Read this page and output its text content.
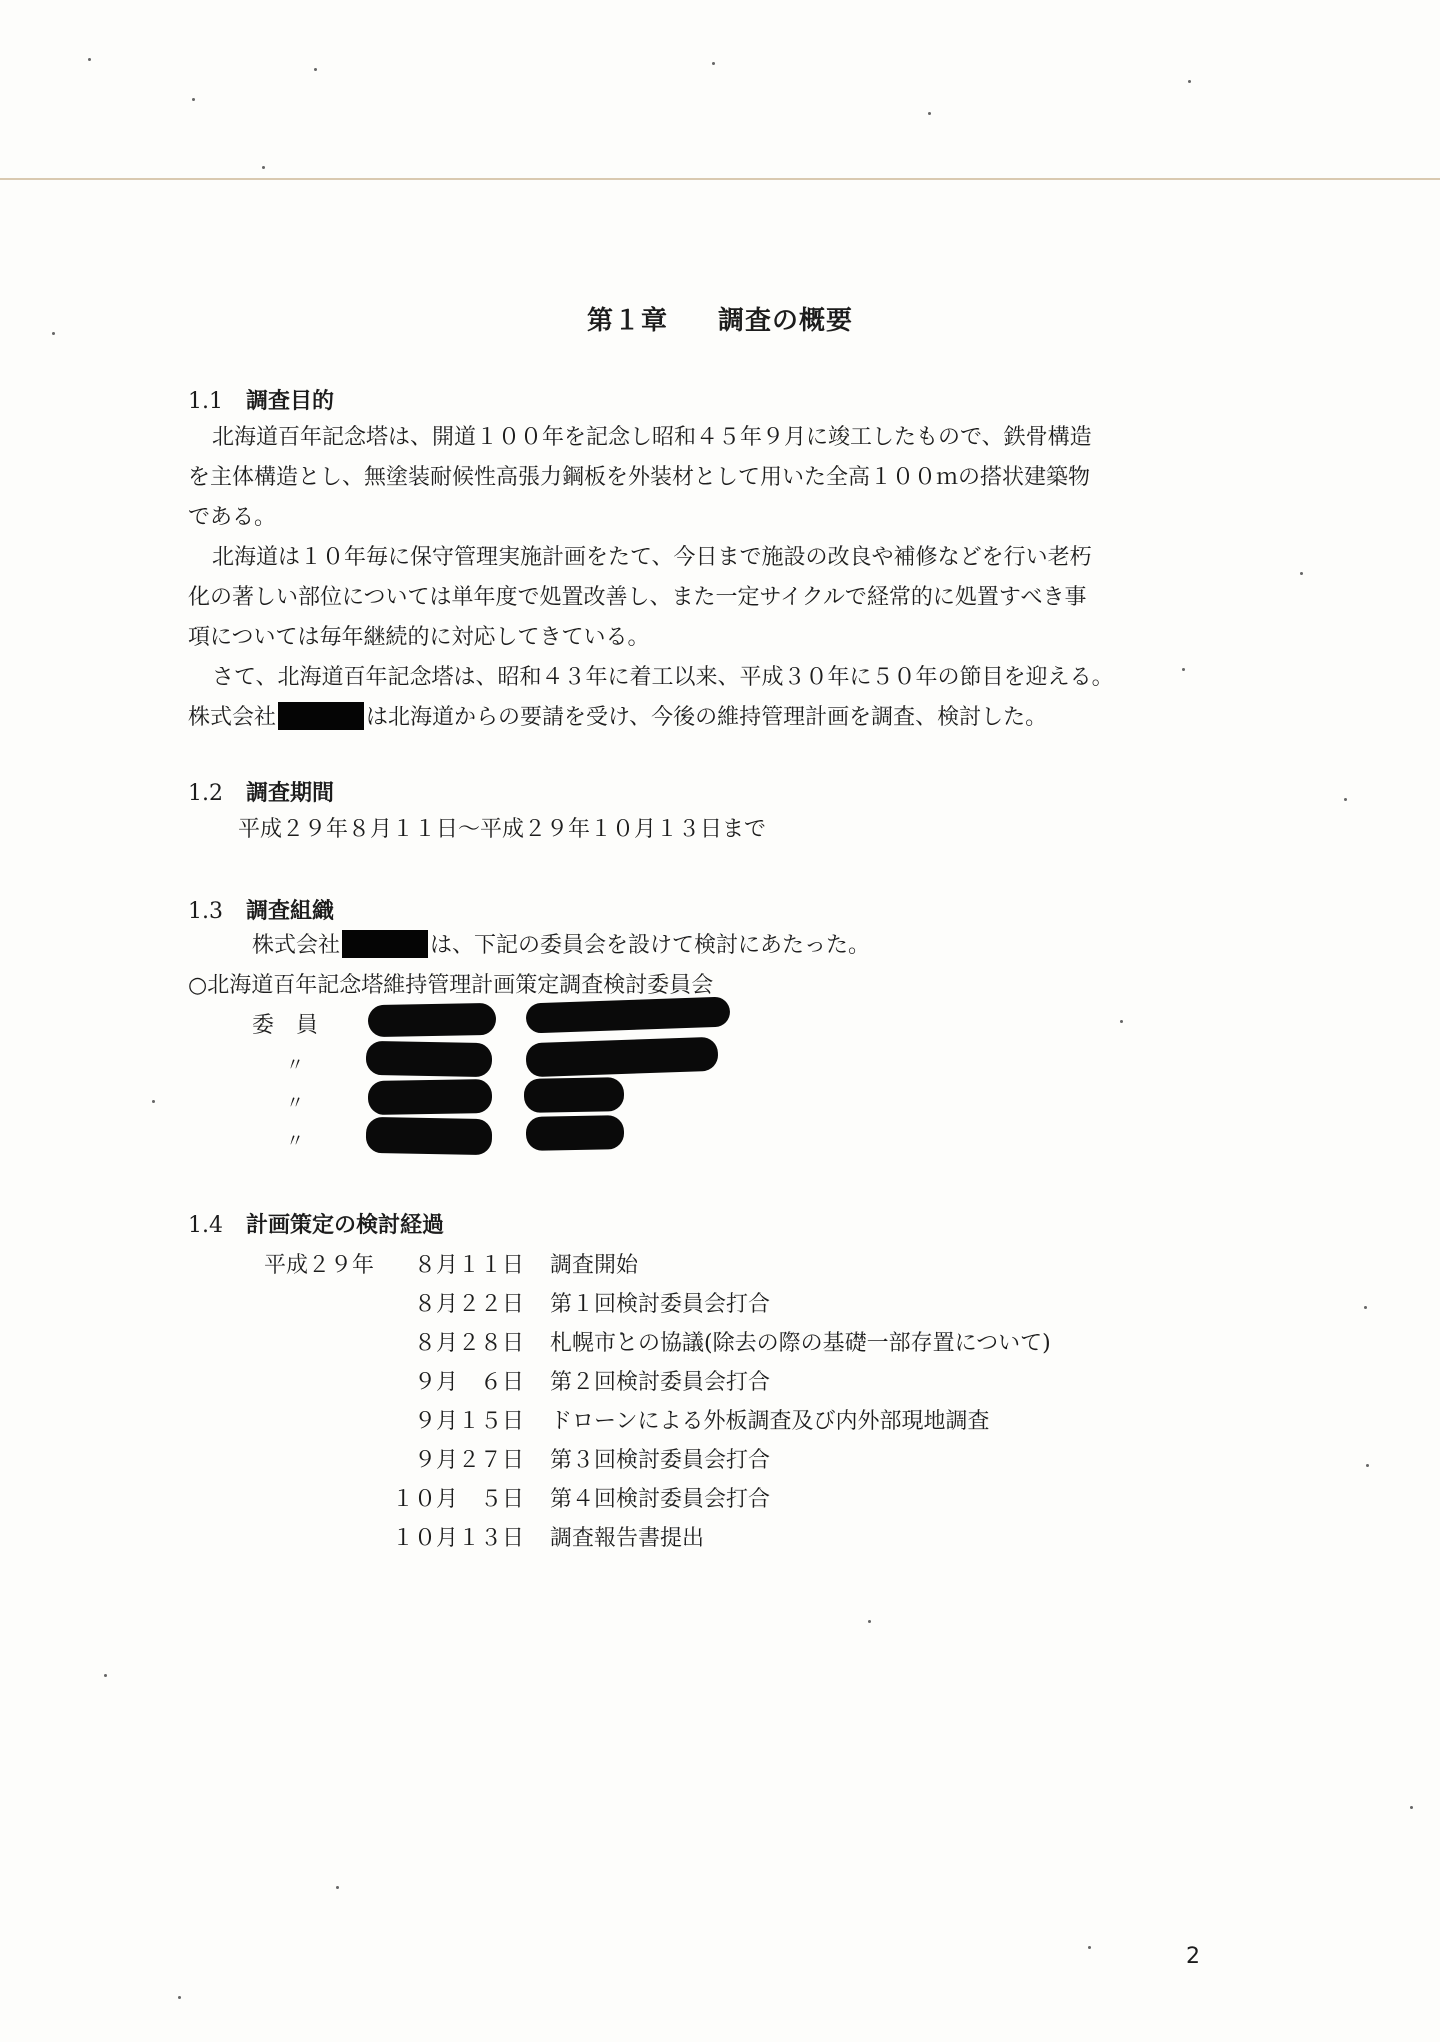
第１章 調査の概要
1.1 調査目的
北海道百年記念塔は、開道１００年を記念し昭和４５年９月に竣工したもので、鉄骨構造
を主体構造とし、無塗装耐候性高張力鋼板を外装材として用いた全高１００ｍの搭状建築物
である。
北海道は１０年毎に保守管理実施計画をたて、今日まで施設の改良や補修などを行い老朽
化の著しい部位については単年度で処置改善し、また一定サイクルで経常的に処置すべき事
項については毎年継続的に対応してきている。
さて、北海道百年記念塔は、昭和４３年に着工以来、平成３０年に５０年の節目を迎える。
株式会社	は北海道からの要請を受け、今後の維持管理計画を調査、検討した。
1.2 調査期間
平成２９年８月１１日～平成２９年１０月１３日まで
1.3 調査組織
株式会社	は、下記の委員会を設けて検討にあたった。
○北海道百年記念塔維持管理計画策定調査検討委員会
委　員
〃
〃
〃
1.4 計画策定の検討経過
平成２９年	８月１１日 調査開始
８月２２日 第１回検討委員会打合
８月２８日 札幌市との協議(除去の際の基礎一部存置について)
９月　６日 第２回検討委員会打合
９月１５日 ドローンによる外板調査及び内外部現地調査
９月２７日 第３回検討委員会打合
１０月　５日 第４回検討委員会打合
１０月１３日 調査報告書提出
2
